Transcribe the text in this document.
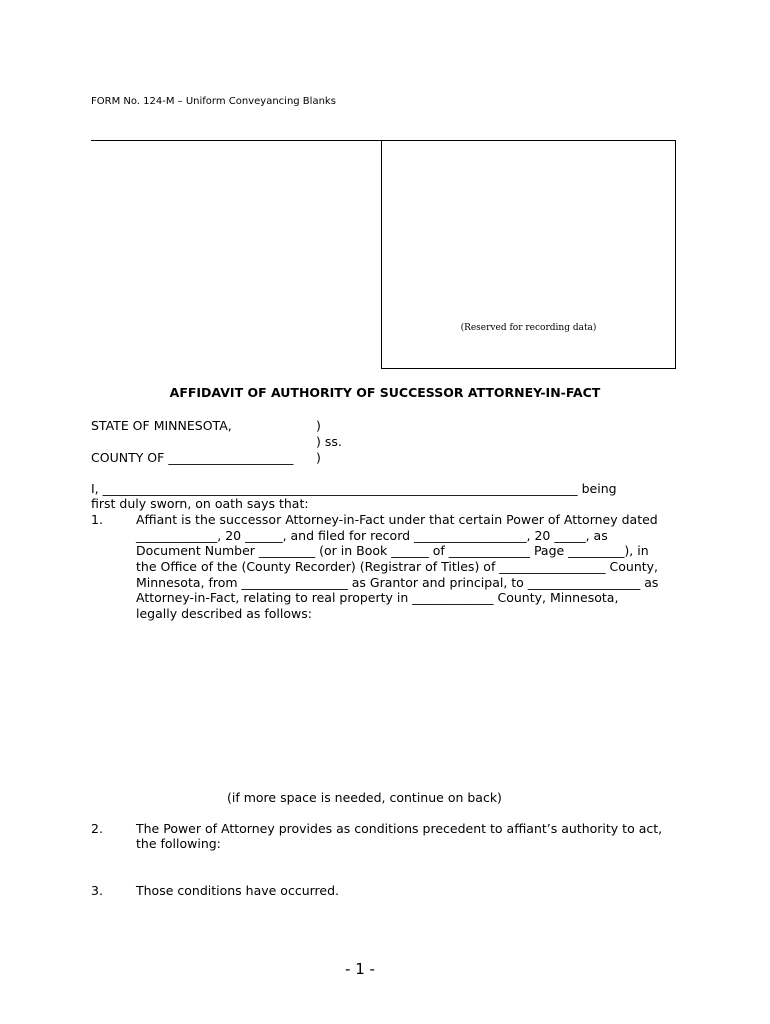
FORM No. 124-M – Uniform Conveyancing Blanks
(Reserved for recording data)
AFFIDAVIT OF AUTHORITY OF SUCCESSOR ATTORNEY-IN-FACT
STATE OF MINNESOTA,	)
) ss.
COUNTY OF ____________________ )
I, ____________________________________________________________________________ being
first duly sworn, on oath says that:
1.	Affiant is the successor Attorney-in-Fact under that certain Power of Attorney dated
_____________, 20 ______, and filed for record __________________, 20 _____, as
Document Number _________ (or in Book ______ of _____________ Page _________), in
the Office of the (County Recorder) (Registrar of Titles) of _________________ County,
Minnesota, from _________________ as Grantor and principal, to __________________ as
Attorney-in-Fact, relating to real property in _____________ County, Minnesota,
legally described as follows:
(if more space is needed, continue on back)
2.	The Power of Attorney provides as conditions precedent to affiant’s authority to act,
the following:
3.	Those conditions have occurred.
- 1 -
